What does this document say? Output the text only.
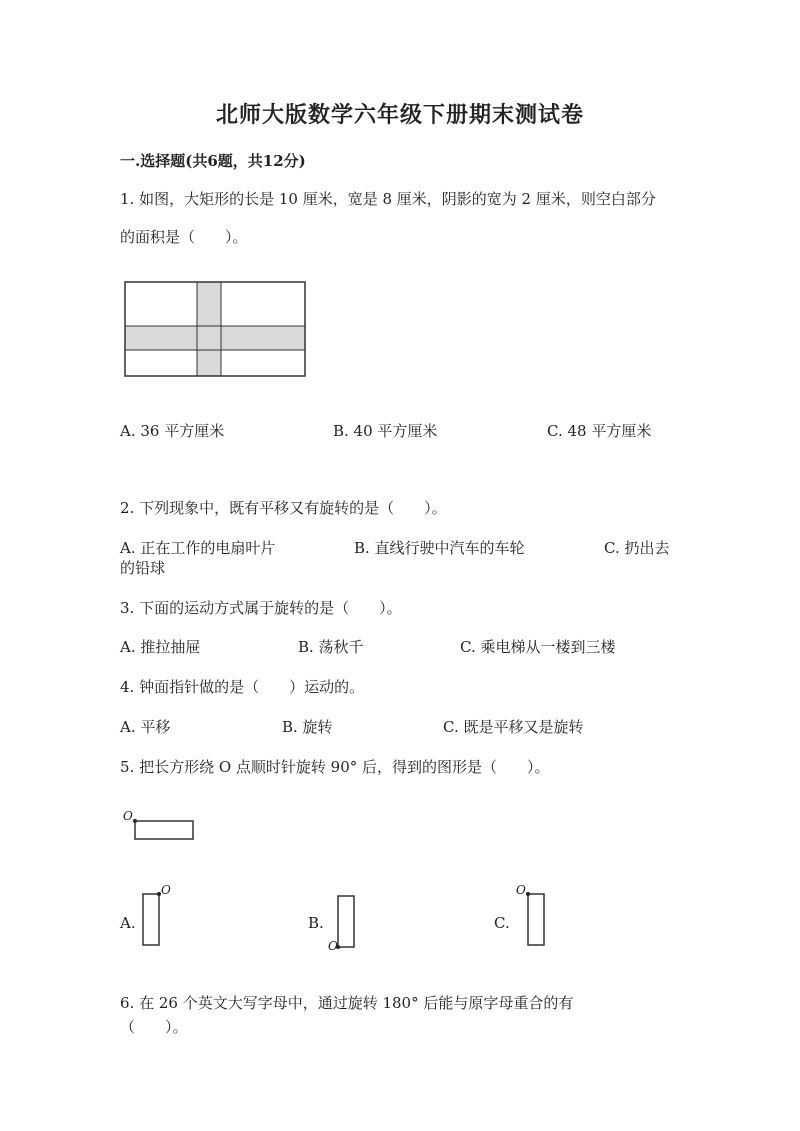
北师大版数学六年级下册期末测试卷
一.选择题(共6题，共12分)
1. 如图，大矩形的长是 10 厘米，宽是 8 厘米，阴影的宽为 2 厘米，则空白部分
的面积是（　　）。
A. 36 平方厘米	B. 40 平方厘米	C. 48 平方厘米
2. 下列现象中，既有平移又有旋转的是（　　）。
A. 正在工作的电扇叶片	B. 直线行驶中汽车的车轮	C. 扔出去
的铅球
3. 下面的运动方式属于旋转的是（　　）。
A. 推拉抽屉	B. 荡秋千	C. 乘电梯从一楼到三楼
4. 钟面指针做的是（　　）运动的。
A. 平移	B. 旋转	C. 既是平移又是旋转
5. 把长方形绕 O 点顺时针旋转 90° 后，得到的图形是（　　）。
O
A.
O
B.
O
C.
O
6. 在 26 个英文大写字母中，通过旋转 180° 后能与原字母重合的有
（　　）。
